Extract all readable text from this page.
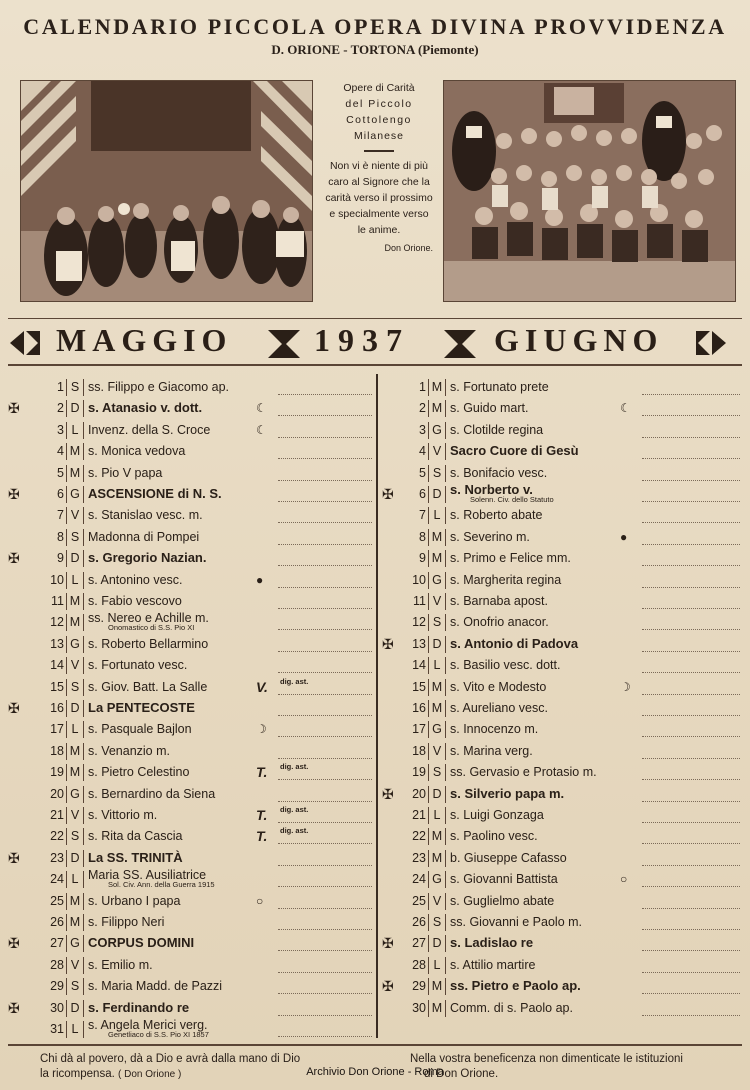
CALENDARIO PICCOLA OPERA DIVINA PROVVIDENZA
D. ORIONE - TORTONA (Piemonte)
Opere di Carità
del Piccolo
Cottolengo
Milanese
Non vi è niente di più caro al Signore che la carità verso il prossimo e specialmente verso le anime.
Don Orione.
MAGGIO	1937	GIUGNO
1 S ss. Filippo e Giacomo ap.
✠	2 D s. Atanasio v. dott.	☾
3 L Invenz. della S. Croce	☾
4 M s. Monica vedova
5 M s. Pio V papa
✠	6 G ASCENSIONE di N. S.
7 V s. Stanislao vesc. m.
8 S Madonna di Pompei
✠	9 D s. Gregorio Nazian.
10 L s. Antonino vesc.	●
11 M s. Fabio vescovo
12 M ss. Nereo e Achille m.
Onomastico di S.S. Pio XI
13 G s. Roberto Bellarmino
14 V s. Fortunato vesc.
15 S s. Giov. Batt. La Salle	V. dig. ast.
✠	16 D La PENTECOSTE
17 L s. Pasquale Bajlon	☽
18 M s. Venanzio m.
19 M s. Pietro Celestino	T. dig. ast.
20 G s. Bernardino da Siena
21 V s. Vittorio m.	T. dig. ast.
22 S s. Rita da Cascia	T. dig. ast.
✠	23 D La SS. TRINITÀ
24 L Maria SS. Ausiliatrice
Sol. Civ. Ann. della Guerra 1915
25 M s. Urbano I papa	○
26 M s. Filippo Neri
✠	27 G CORPUS DOMINI
28 V s. Emilio m.
29 S s. Maria Madd. de Pazzi
✠	30 D s. Ferdinando re
31 L s. Angela Merici verg.
Genetliaco di S.S. Pio XI 1857
1 M s. Fortunato prete
2 M s. Guido mart.	☾
3 G s. Clotilde regina
4 V Sacro Cuore di Gesù
5 S s. Bonifacio vesc.
✠	6 D s. Norberto v.
Solenn. Civ. dello Statuto
7 L s. Roberto abate
8 M s. Severino m.	●
9 M s. Primo e Felice mm.
10 G s. Margherita regina
11 V s. Barnaba apost.
12 S s. Onofrio anacor.
✠	13 D s. Antonio di Padova
14 L s. Basilio vesc. dott.
15 M s. Vito e Modesto	☽
16 M s. Aureliano vesc.
17 G s. Innocenzo m.
18 V s. Marina verg.
19 S ss. Gervasio e Protasio m.
✠	20 D s. Silverio papa m.
21 L s. Luigi Gonzaga
22 M s. Paolino vesc.
23 M b. Giuseppe Cafasso
24 G s. Giovanni Battista	○
25 V s. Guglielmo abate
26 S ss. Giovanni e Paolo m.
✠	27 D s. Ladislao re
28 L s. Attilio martire
✠	29 M ss. Pietro e Paolo ap.
30 M Comm. di s. Paolo ap.
Chi dà al povero, dà a Dio e avrà dalla mano di Dio
la ricompensa. ( Don Orione )
Nella vostra beneficenza non dimenticate le istituzioni
di Don Orione.
Archivio Don Orione - Roma
